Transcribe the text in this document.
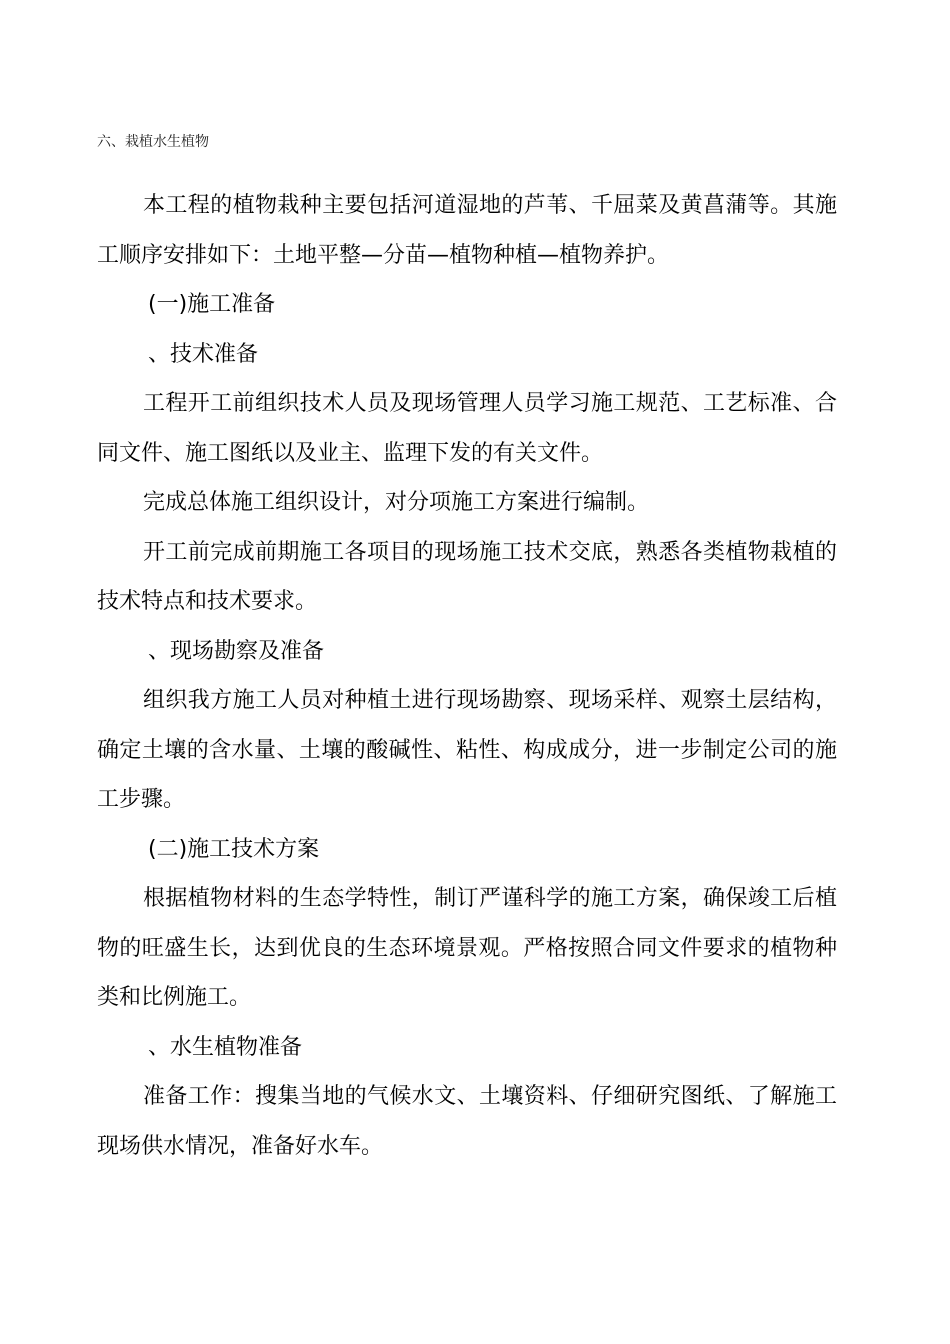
六、栽植水生植物

本工程的植物栽种主要包括河道湿地的芦苇、千屈菜及黄菖蒲等。其施工顺序安排如下：土地平整—分苗—植物种植—植物养护。

(一)施工准备

、技术准备

工程开工前组织技术人员及现场管理人员学习施工规范、工艺标准、合同文件、施工图纸以及业主、监理下发的有关文件。

完成总体施工组织设计，对分项施工方案进行编制。

开工前完成前期施工各项目的现场施工技术交底，熟悉各类植物栽植的技术特点和技术要求。

、现场勘察及准备

组织我方施工人员对种植土进行现场勘察、现场采样、观察土层结构，确定土壤的含水量、土壤的酸碱性、粘性、构成成分，进一步制定公司的施工步骤。

(二)施工技术方案

根据植物材料的生态学特性，制订严谨科学的施工方案，确保竣工后植物的旺盛生长，达到优良的生态环境景观。严格按照合同文件要求的植物种类和比例施工。

、水生植物准备

准备工作：搜集当地的气候水文、土壤资料、仔细研究图纸、了解施工现场供水情况，准备好水车。
